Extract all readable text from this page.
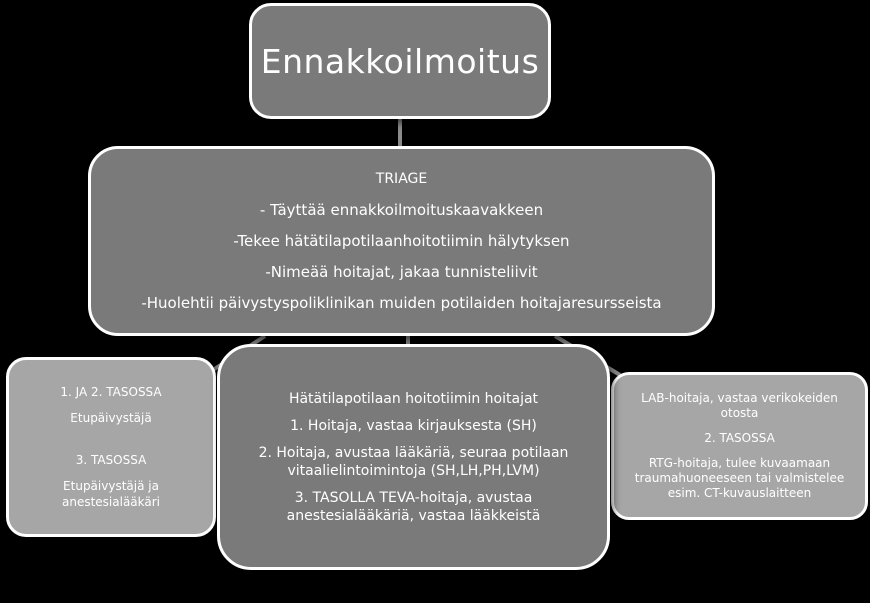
Ennakkoilmoitus
TRIAGE
- Täyttää ennakkoilmoituskaavakkeen
-Tekee hätätilapotilaanhoitotiimin hälytyksen
-Nimeää hoitajat, jakaa tunnisteliivit
-Huolehtii päivystyspoliklinikan muiden potilaiden hoitajaresursseista
1. JA 2. TASOSSA
Etupäivystäjä
3. TASOSSA
Etupäivystäjä ja anestesialääkäri
Hätätilapotilaan hoitotiimin hoitajat
1. Hoitaja, vastaa kirjauksesta (SH)
2. Hoitaja, avustaa lääkäriä, seuraa potilaan vitaalielintoimintoja (SH,LH,PH,LVM)
3. TASOLLA TEVA-hoitaja, avustaa anestesialääkäriä, vastaa lääkkeistä
LAB-hoitaja, vastaa verikokeiden otosta
2. TASOSSA
RTG-hoitaja, tulee kuvaamaan traumahuoneeseen tai valmistelee esim. CT-kuvauslaitteen
